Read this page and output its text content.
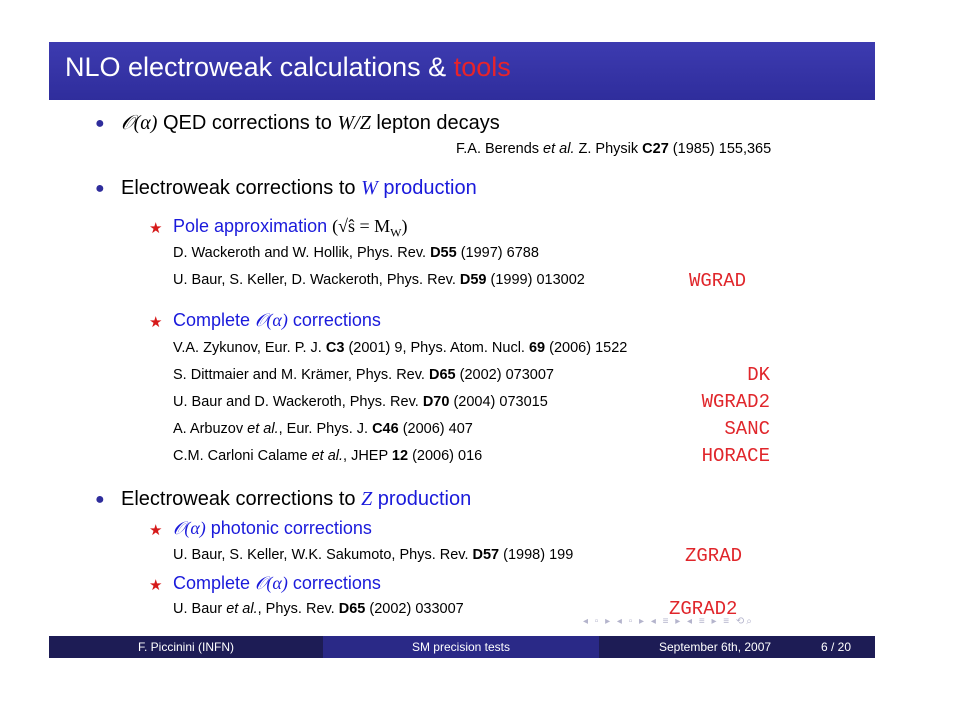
NLO electroweak calculations & tools
● 𝒪(α) QED corrections to W/Z lepton decays
F.A. Berends et al. Z. Physik C27 (1985) 155,365
● Electroweak corrections to W production
★ Pole approximation (√ŝ = $M_W$)
D. Wackeroth and W. Hollik, Phys. Rev. D55 (1997) 6788
U. Baur, S. Keller, D. Wackeroth, Phys. Rev. D59 (1999) 013002	WGRAD
★ Complete 𝒪(α) corrections
V.A. Zykunov, Eur. P. J. C3 (2001) 9, Phys. Atom. Nucl. 69 (2006) 1522
S. Dittmaier and M. Krämer, Phys. Rev. D65 (2002) 073007	DK
U. Baur and D. Wackeroth, Phys. Rev. D70 (2004) 073015	WGRAD2
A. Arbuzov et al., Eur. Phys. J. C46 (2006) 407	SANC
C.M. Carloni Calame et al., JHEP 12 (2006) 016	HORACE
● Electroweak corrections to Z production
★ 𝒪(α) photonic corrections
U. Baur, S. Keller, W.K. Sakumoto, Phys. Rev. D57 (1998) 199	ZGRAD
★ Complete 𝒪(α) corrections
U. Baur et al., Phys. Rev. D65 (2002) 033007	ZGRAD2
◂ ▫ ▸ ◂ ▫ ▸ ◂ ≡ ▸ ◂ ≡ ▸ ≡ ⟲⌕
F. Piccinini (INFN)	SM precision tests	September 6th, 2007	6 / 20
